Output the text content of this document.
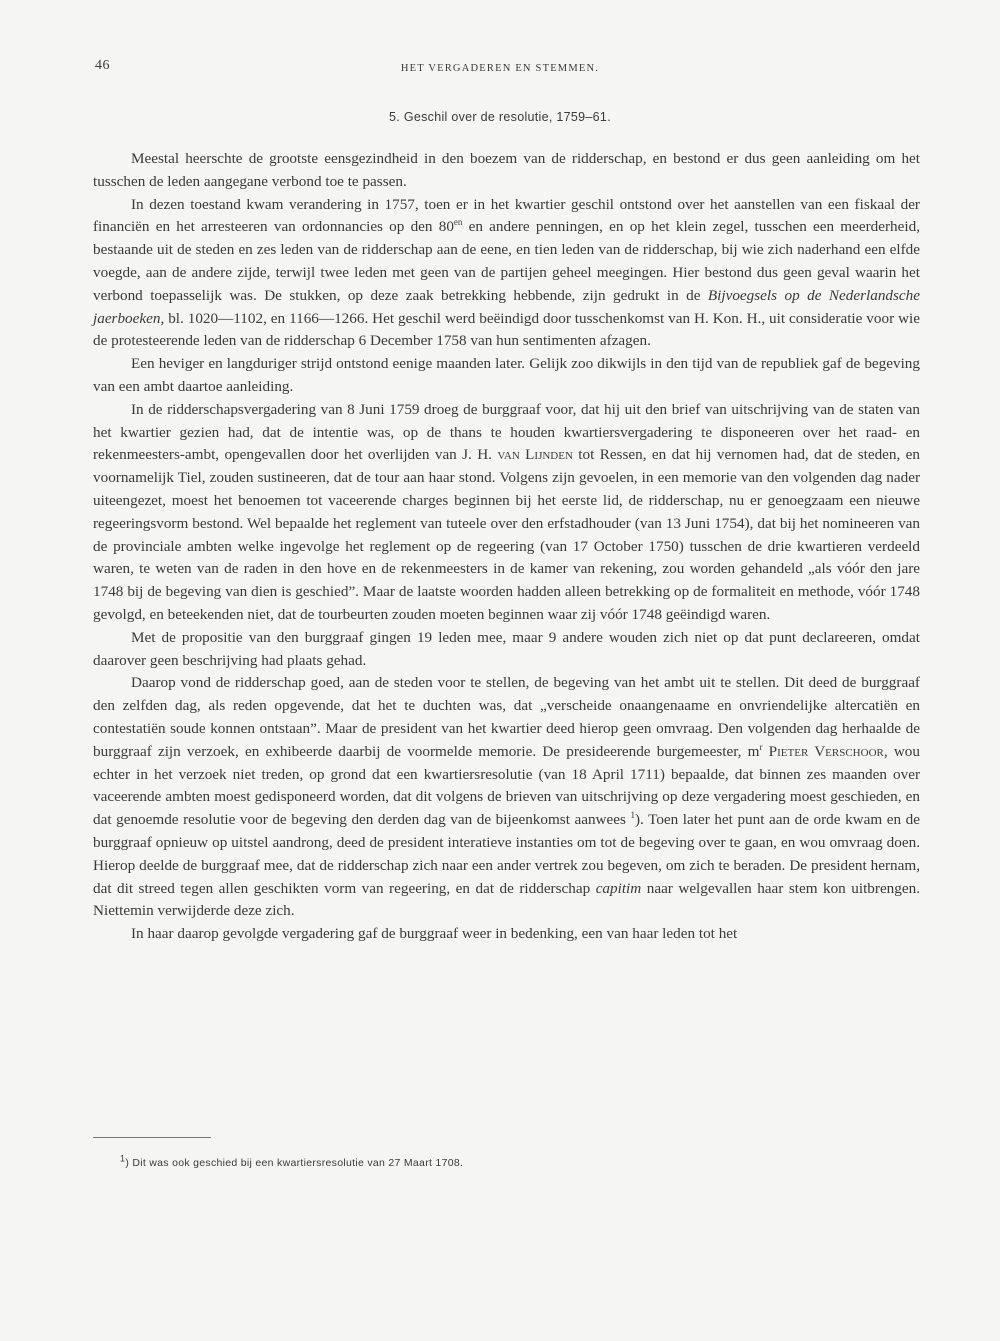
46	HET VERGADEREN EN STEMMEN.
5. Geschil over de resolutie, 1759–61.

Meestal heerschte de grootste eensgezindheid in den boezem van de ridderschap, en bestond er dus geen aanleiding om het tusschen de leden aangegane verbond toe te passen.

In dezen toestand kwam verandering in 1757, toen er in het kwartier geschil ontstond over het aanstellen van een fiskaal der financiën en het arresteeren van ordonnancies op den $80^{en}$ en andere penningen, en op het klein zegel, tusschen een meerderheid, bestaande uit de steden en zes leden van de ridderschap aan de eene, en tien leden van de ridderschap, bij wie zich naderhand een elfde voegde, aan de andere zijde, terwijl twee leden met geen van de partijen geheel meegingen. Hier bestond dus geen geval waarin het verbond toepasselijk was. De stukken, op deze zaak betrekking hebbende, zijn gedrukt in de Bijvoegsels op de Nederlandsche jaerboeken, bl. 1020—1102, en 1166—1266. Het geschil werd beëindigd door tusschenkomst van H. Kon. H., uit consideratie voor wie de protesteerende leden van de ridderschap 6 December 1758 van hun sentimenten afzagen.

Een heviger en langduriger strijd ontstond eenige maanden later. Gelijk zoo dikwijls in den tijd van de republiek gaf de begeving van een ambt daartoe aanleiding.

In de ridderschapsvergadering van 8 Juni 1759 droeg de burggraaf voor, dat hij uit den brief van uitschrijving van de staten van het kwartier gezien had, dat de intentie was, op de thans te houden kwartiersvergadering te disponeeren over het raad- en rekenmeesters-ambt, opengevallen door het overlijden van J. H. van Lijnden tot Ressen, en dat hij vernomen had, dat de steden, en voornamelijk Tiel, zouden sustineeren, dat de tour aan haar stond. Volgens zijn gevoelen, in een memorie van den volgenden dag nader uiteengezet, moest het benoemen tot vaceerende charges beginnen bij het eerste lid, de ridderschap, nu er genoegzaam een nieuwe regeeringsvorm bestond. Wel bepaalde het reglement van tuteele over den erfstadhouder (van 13 Juni 1754), dat bij het nomineeren van de provinciale ambten welke ingevolge het reglement op de regeering (van 17 October 1750) tusschen de drie kwartieren verdeeld waren, te weten van de raden in den hove en de rekenmeesters in de kamer van rekening, zou worden gehandeld „als vóór den jare 1748 bij de begeving van dien is geschied”. Maar de laatste woorden hadden alleen betrekking op de formaliteit en methode, vóór 1748 gevolgd, en beteekenden niet, dat de tourbeurten zouden moeten beginnen waar zij vóór 1748 geëindigd waren.

Met de propositie van den burggraaf gingen 19 leden mee, maar 9 andere wouden zich niet op dat punt declareeren, omdat daarover geen beschrijving had plaats gehad.

Daarop vond de ridderschap goed, aan de steden voor te stellen, de begeving van het ambt uit te stellen. Dit deed de burggraaf den zelfden dag, als reden opgevende, dat het te duchten was, dat „verscheide onaangenaame en onvriendelijke altercatiën en contestatiën soude konnen ontstaan”. Maar de president van het kwartier deed hierop geen omvraag. Den volgenden dag herhaalde de burggraaf zijn verzoek, en exhibeerde daarbij de voormelde memorie. De presideerende burgemeester, $m^r$ Pieter Verschoor, wou echter in het verzoek niet treden, op grond dat een kwartiersresolutie (van 18 April 1711) bepaalde, dat binnen zes maanden over vaceerende ambten moest gedisponeerd worden, dat dit volgens de brieven van uitschrijving op deze vergadering moest geschieden, en dat genoemde resolutie voor de begeving den derden dag van de bijeenkomst aanwees $^1$). Toen later het punt aan de orde kwam en de burggraaf opnieuw op uitstel aandrong, deed de president interatieve instanties om tot de begeving over te gaan, en wou omvraag doen. Hierop deelde de burggraaf mee, dat de ridderschap zich naar een ander vertrek zou begeven, om zich te beraden. De president hernam, dat dit streed tegen allen geschikten vorm van regeering, en dat de ridderschap capitim naar welgevallen haar stem kon uitbrengen. Niettemin verwijderde deze zich.

In haar daarop gevolgde vergadering gaf de burggraaf weer in bedenking, een van haar leden tot het

$^1$) Dit was ook geschied bij een kwartiersresolutie van 27 Maart 1708.
